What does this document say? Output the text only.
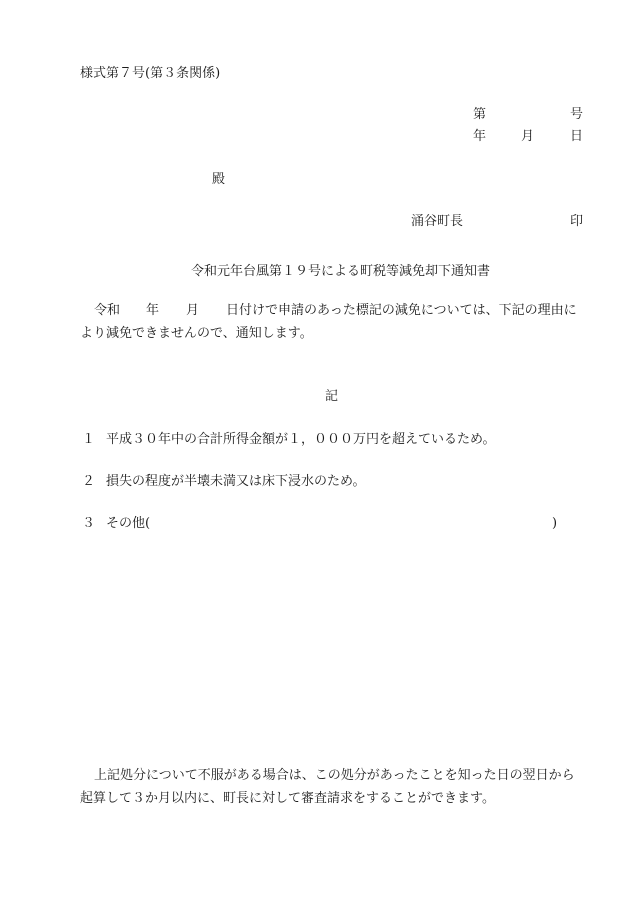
様式第７号(第３条関係)
第	号
年	月	日
殿
涌谷町長	印
令和元年台風第１９号による町税等減免却下通知書
令和 年 月 日付けで申請のあった標記の減免については、下記の理由に
より減免できませんので、通知します。
記
１ 平成３０年中の合計所得金額が１，０００万円を超えているため。
２ 損失の程度が半壊未満又は床下浸水のため。
３ その他(	)
上記処分について不服がある場合は、この処分があったことを知った日の翌日から
起算して３か月以内に、町長に対して審査請求をすることができます。
